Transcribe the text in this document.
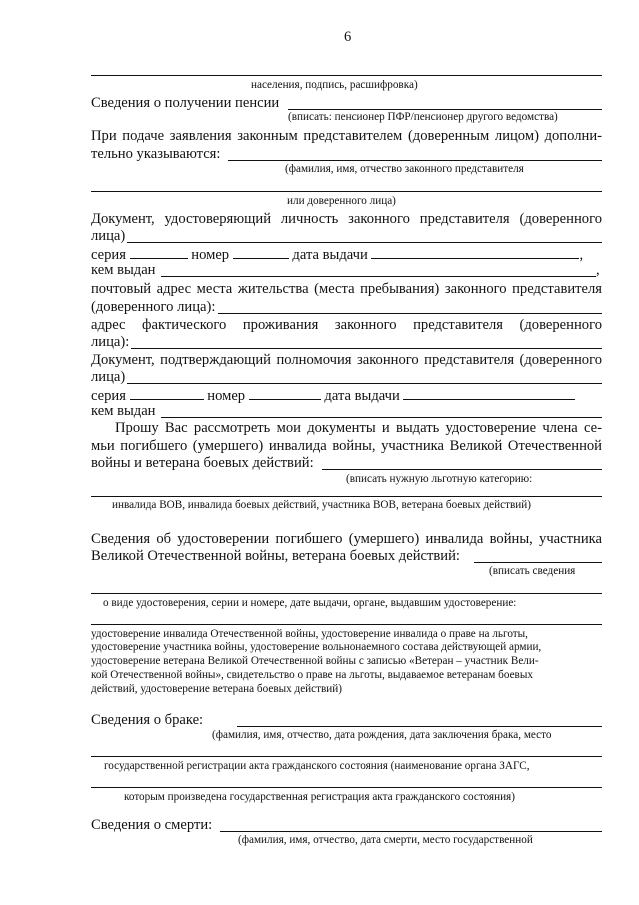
6
населения, подпись, расшифровка)
Сведения о получении пенсии
(вписать: пенсионер ПФР/пенсионер другого ведомства)
При подаче заявления законным представителем (доверенным лицом) дополни-
тельно указываются:
(фамилия, имя, отчество законного представителя
или доверенного лица)
Документ, удостоверяющий личность законного представителя (доверенного
лица)
серия	номер	дата выдачи	,
кем выдан	,
почтовый адрес места жительства (места пребывания) законного представителя
(доверенного лица):
адрес фактического проживания законного представителя (доверенного
лица):
Документ, подтверждающий полномочия законного представителя (доверенного
лица)
серия	номер	дата выдачи
кем выдан
Прошу Вас рассмотреть мои документы и выдать удостоверение члена се-
мьи погибшего (умершего) инвалида войны, участника Великой Отечественной
войны и ветерана боевых действий:
(вписать нужную льготную категорию:
инвалида ВОВ, инвалида боевых действий, участника ВОВ, ветерана боевых действий)
Сведения об удостоверении погибшего (умершего) инвалида войны, участника
Великой Отечественной войны, ветерана боевых действий:
(вписать сведения
о виде удостоверения, серии и номере, дате выдачи, органе, выдавшим удостоверение:
удостоверение инвалида Отечественной войны, удостоверение инвалида о праве на льготы,
удостоверение участника войны, удостоверение вольнонаемного состава действующей армии,
удостоверение ветерана Великой Отечественной войны с записью «Ветеран – участник Вели-
кой Отечественной войны», свидетельство о праве на льготы, выдаваемое ветеранам боевых
действий, удостоверение ветерана боевых действий)
Сведения о браке:
(фамилия, имя, отчество, дата рождения, дата заключения брака, место
государственной регистрации акта гражданского состояния (наименование органа ЗАГС,
которым произведена государственная регистрация акта гражданского состояния)
Сведения о смерти:
(фамилия, имя, отчество, дата смерти, место государственной
